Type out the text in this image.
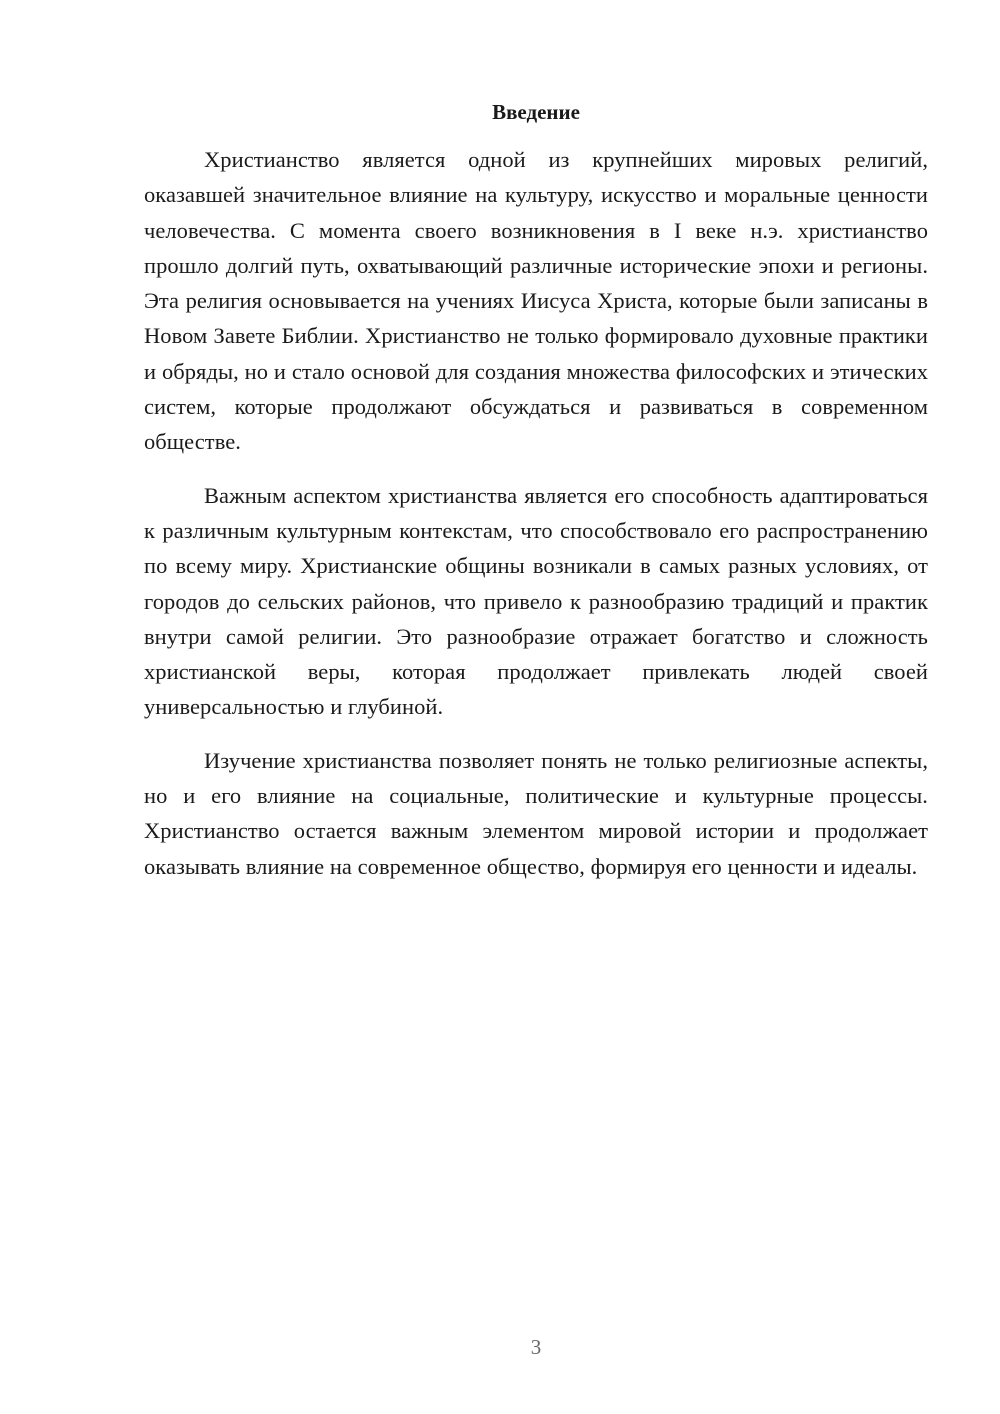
Введение

Христианство является одной из крупнейших мировых религий, оказавшей значительное влияние на культуру, искусство и моральные ценности человечества. С момента своего возникновения в I веке н.э. христианство прошло долгий путь, охватывающий различные исторические эпохи и регионы. Эта религия основывается на учениях Иисуса Христа, которые были записаны в Новом Завете Библии. Христианство не только формировало духовные практики и обряды, но и стало основой для создания множества философских и этических систем, которые продолжают обсуждаться и развиваться в современном обществе.

Важным аспектом христианства является его способность адаптироваться к различным культурным контекстам, что способствовало его распространению по всему миру. Христианские общины возникали в самых разных условиях, от городов до сельских районов, что привело к разнообразию традиций и практик внутри самой религии. Это разнообразие отражает богатство и сложность христианской веры, которая продолжает привлекать людей своей универсальностью и глубиной.

Изучение христианства позволяет понять не только религиозные аспекты, но и его влияние на социальные, политические и культурные процессы. Христианство остается важным элементом мировой истории и продолжает оказывать влияние на современное общество, формируя его ценности и идеалы.

3
